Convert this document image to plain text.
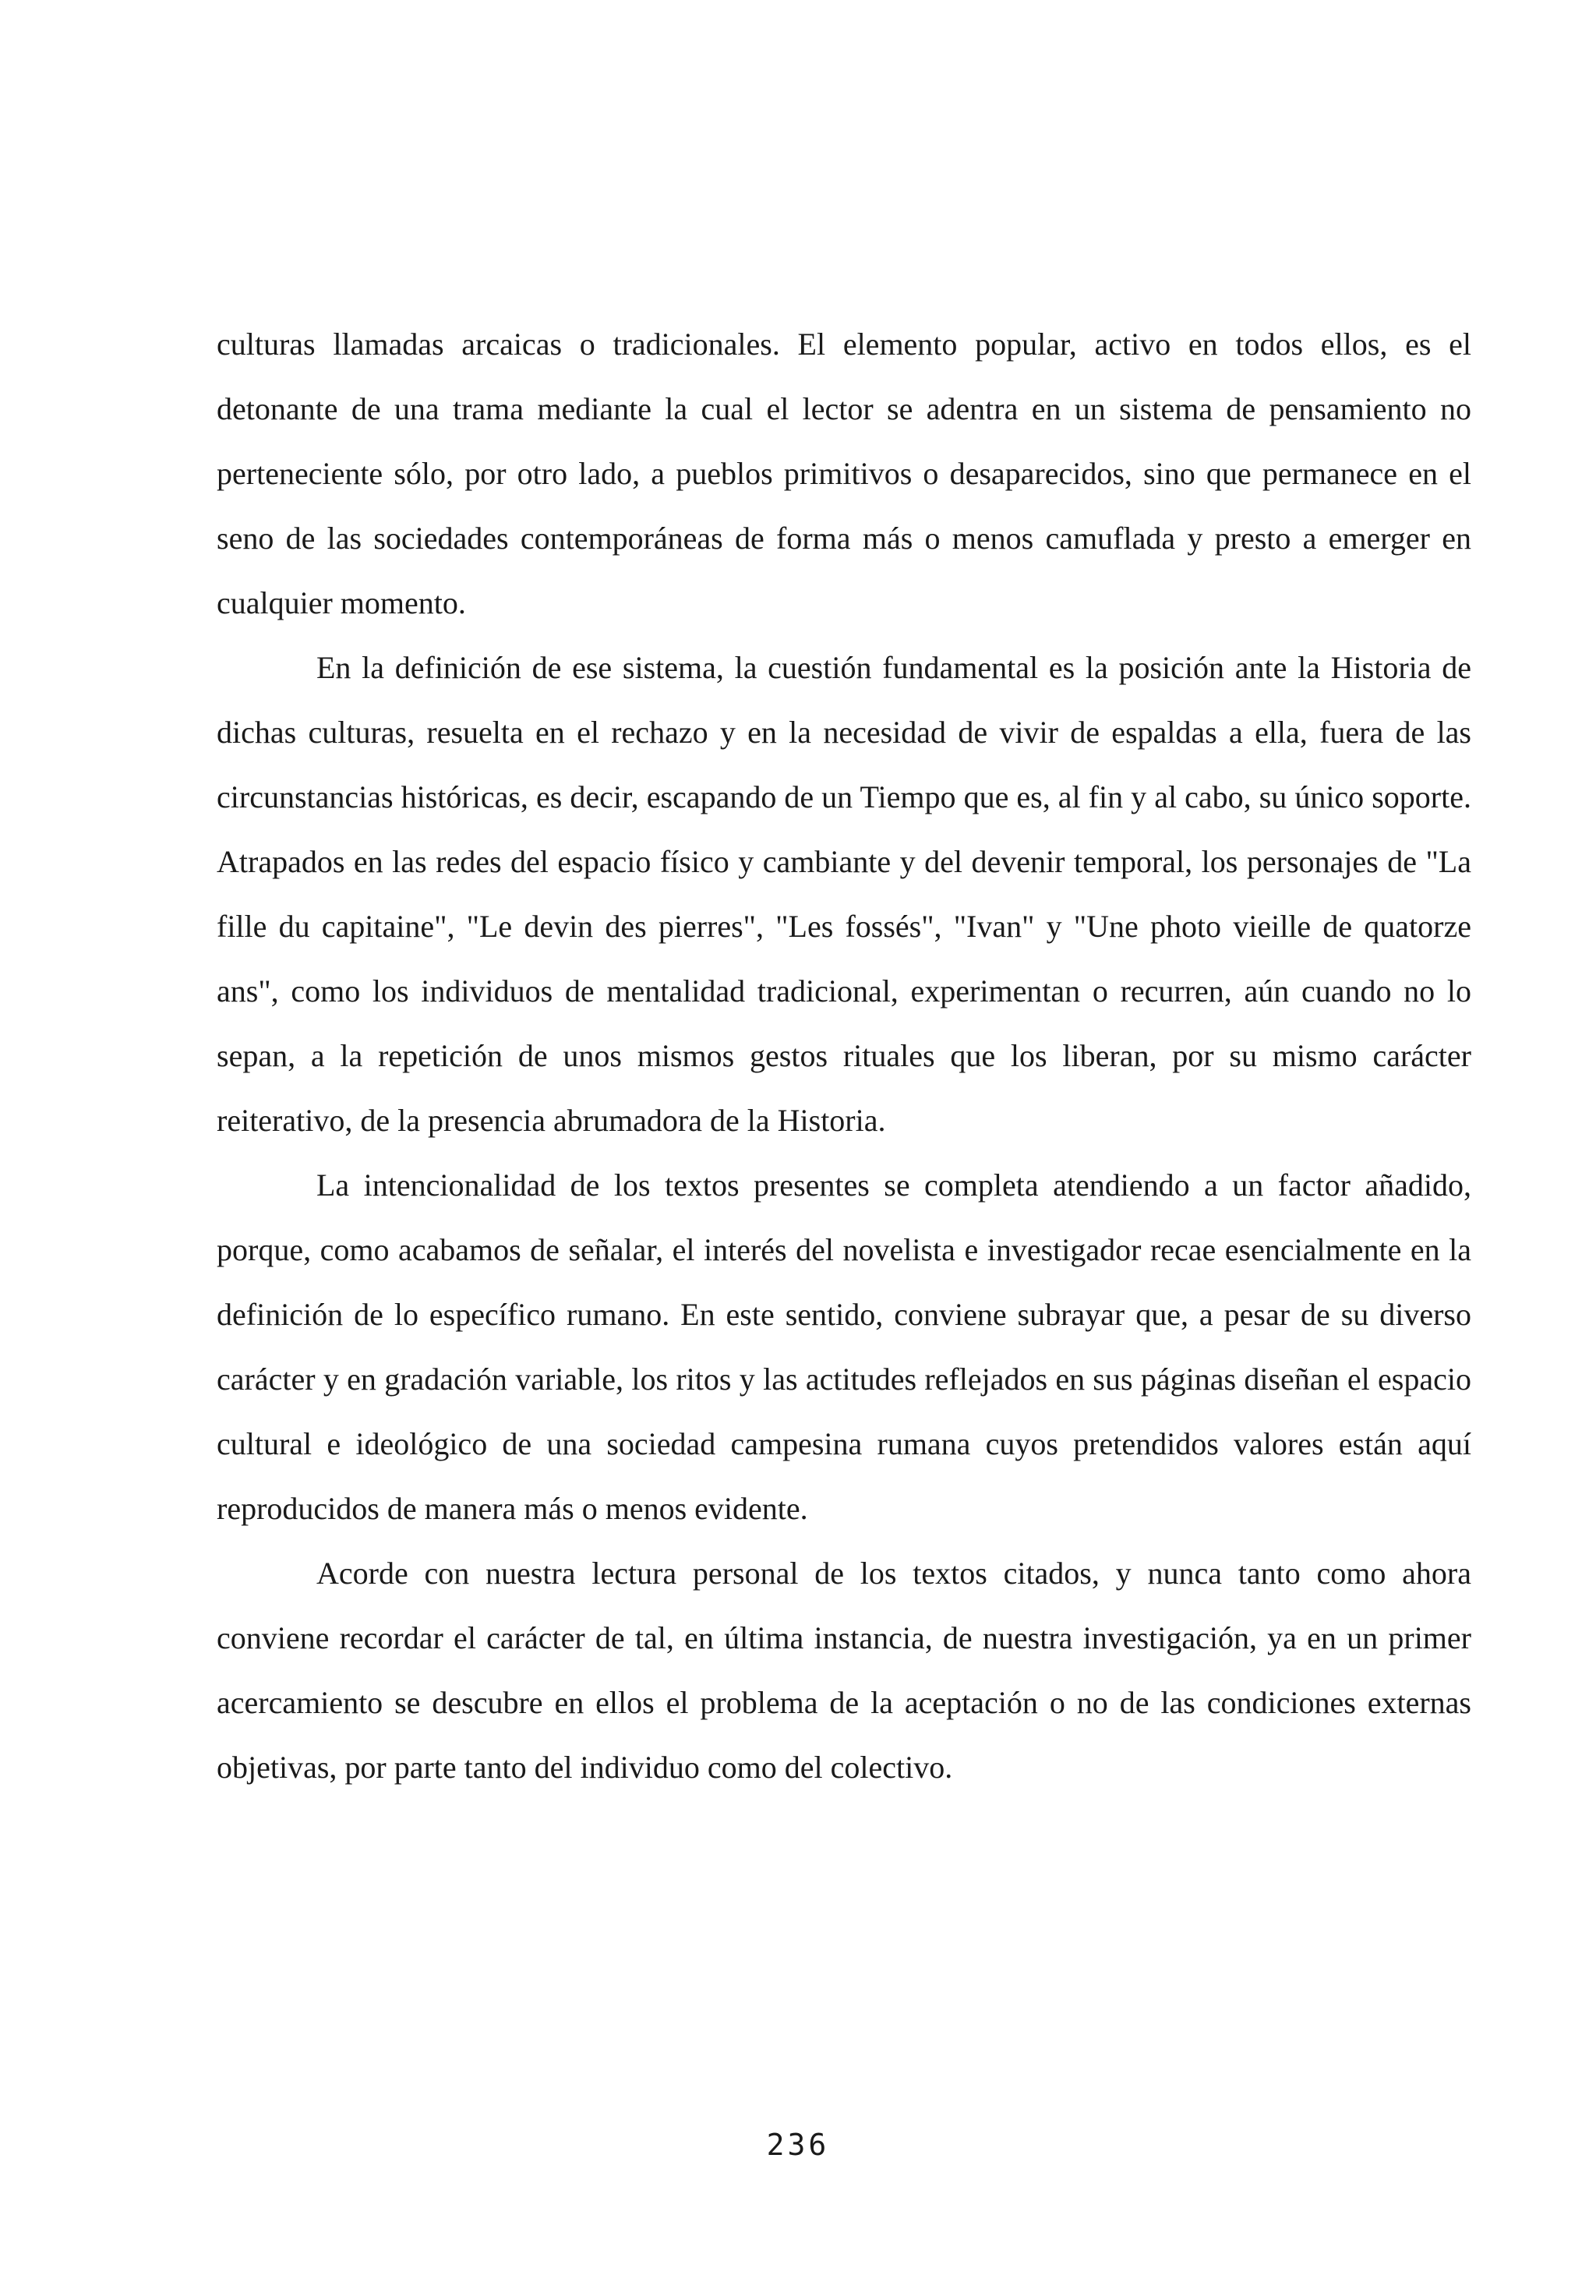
culturas llamadas arcaicas o tradicionales. El elemento popular, activo en todos ellos, es el detonante de una trama mediante la cual el lector se adentra en un sistema de pensamiento no perteneciente sólo, por otro lado, a pueblos primitivos o desaparecidos, sino que permanece en el seno de las sociedades contemporáneas de forma más o menos camuflada y presto a emerger en cualquier momento.

En la definición de ese sistema, la cuestión fundamental es la posición ante la Historia de dichas culturas, resuelta en el rechazo y en la necesidad de vivir de espaldas a ella, fuera de las circunstancias históricas, es decir, escapando de un Tiempo que es, al fin y al cabo, su único soporte. Atrapados en las redes del espacio físico y cambiante y del devenir temporal, los personajes de "La fille du capitaine", "Le devin des pierres", "Les fossés", "Ivan" y "Une photo vieille de quatorze ans", como los individuos de mentalidad tradicional, experimentan o recurren, aún cuando no lo sepan, a la repetición de unos mismos gestos rituales que los liberan, por su mismo carácter reiterativo, de la presencia abrumadora de la Historia.

La intencionalidad de los textos presentes se completa atendiendo a un factor añadido, porque, como acabamos de señalar, el interés del novelista e investigador recae esencialmente en la definición de lo específico rumano. En este sentido, conviene subrayar que, a pesar de su diverso carácter y en gradación variable, los ritos y las actitudes reflejados en sus páginas diseñan el espacio cultural e ideológico de una sociedad campesina rumana cuyos pretendidos valores están aquí reproducidos de manera más o menos evidente.

Acorde con nuestra lectura personal de los textos citados, y nunca tanto como ahora conviene recordar el carácter de tal, en última instancia, de nuestra investigación, ya en un primer acercamiento se descubre en ellos el problema de la aceptación o no de las condiciones externas objetivas, por parte tanto del individuo como del colectivo.

236
